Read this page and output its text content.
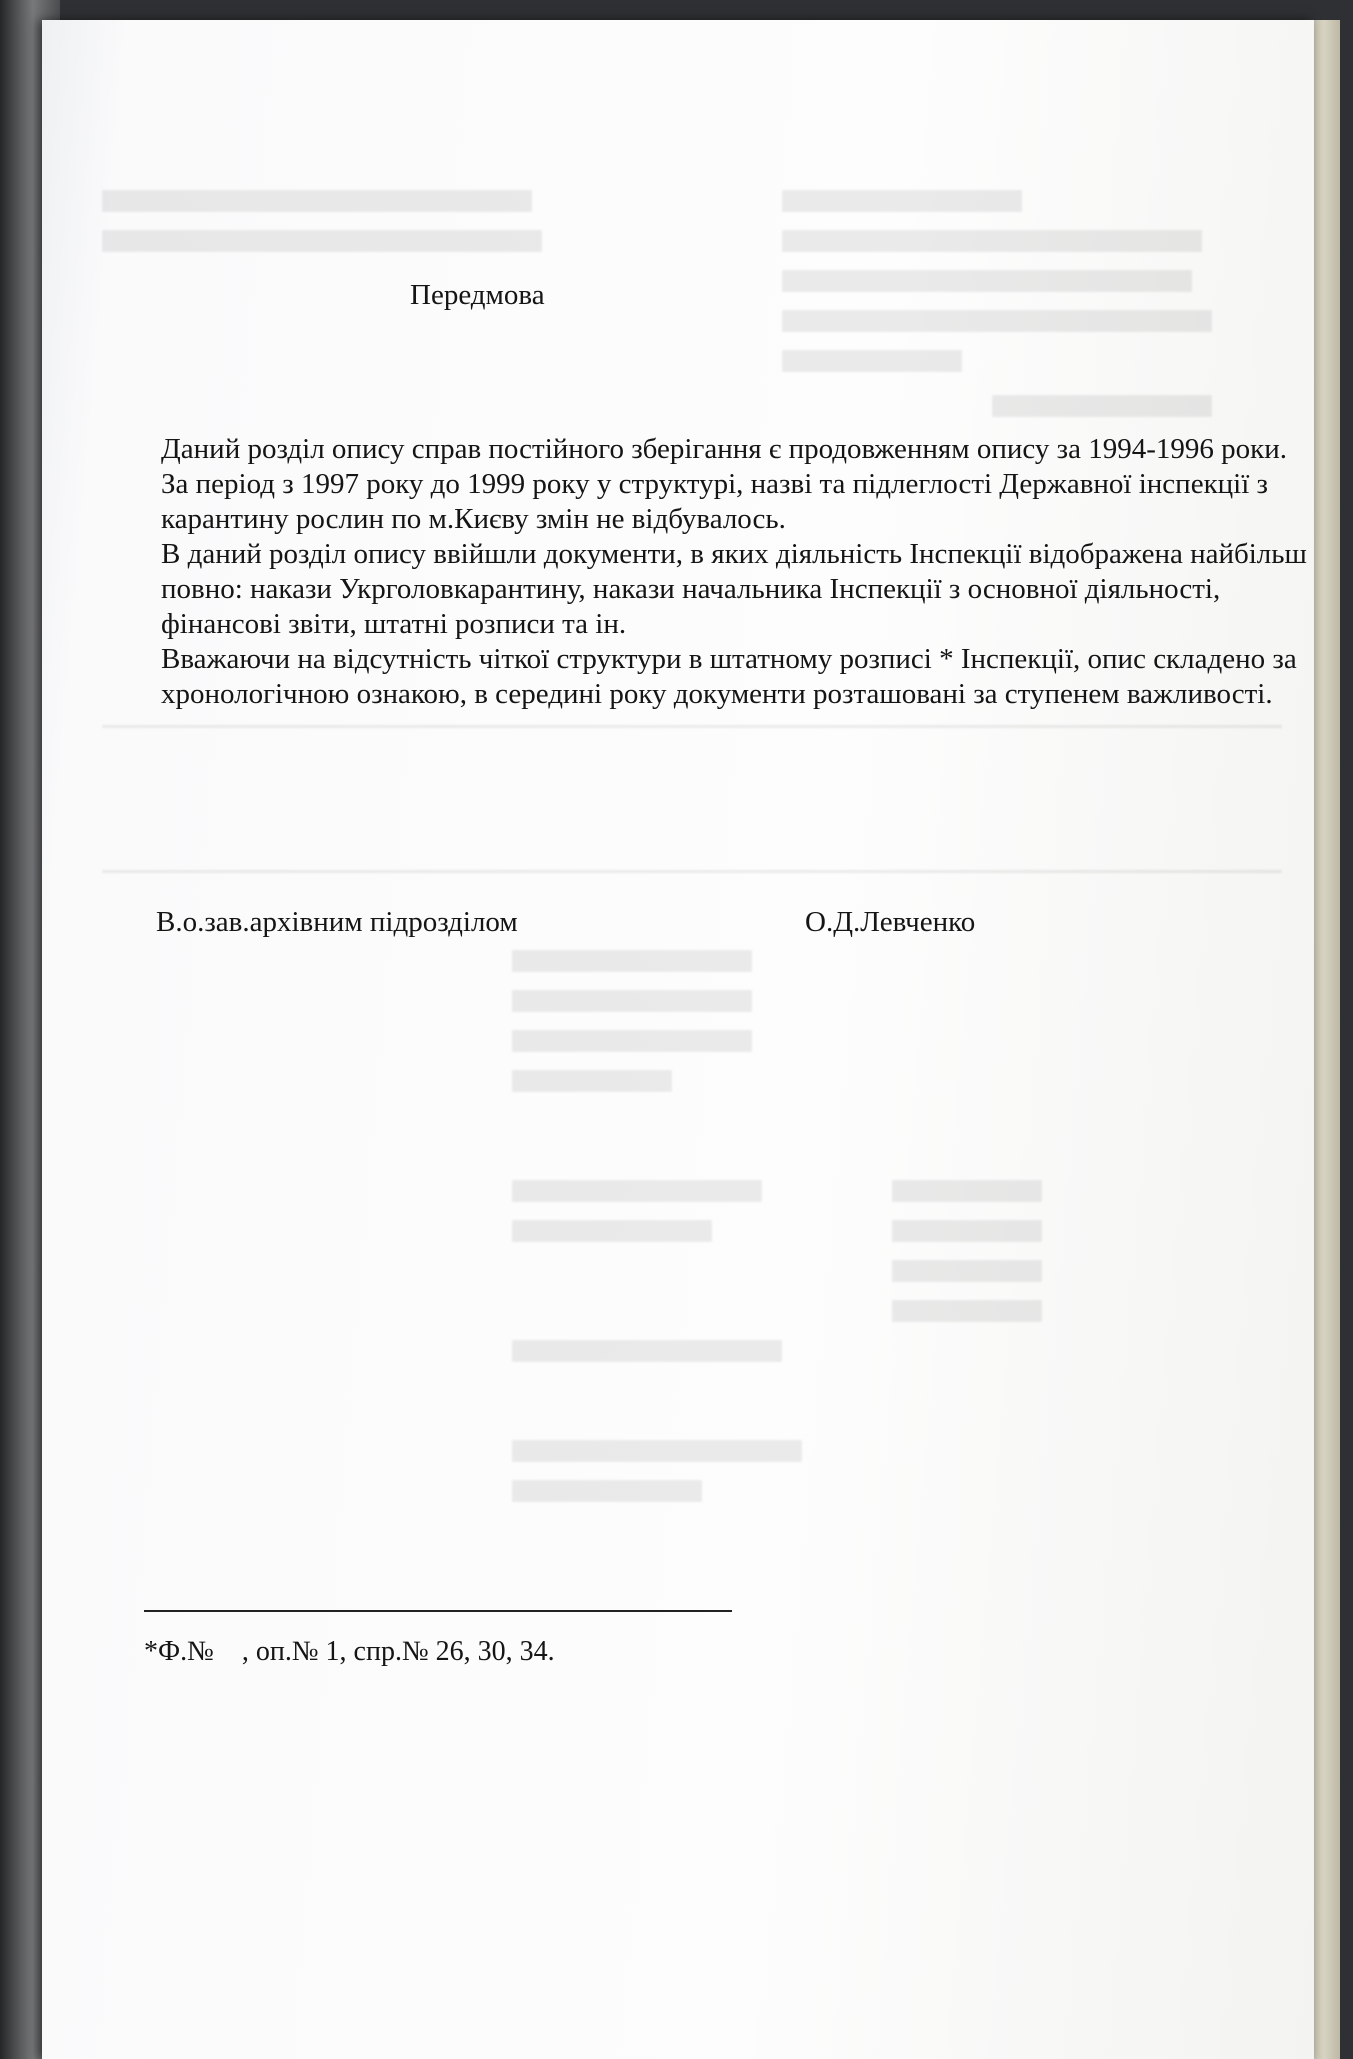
Передмова

Даний розділ опису справ постійного зберігання є продовженням опису за 1994-1996 роки.

За період з 1997 року до 1999 року у структурі, назві та підлеглості Державної інспекції з карантину рослин по м.Києву змін не відбувалось.

В даний розділ опису ввійшли документи, в яких діяльність Інспекції відображена найбільш повно: накази Укрголовкарантину, накази начальника Інспекції з основної діяльності, фінансові звіти, штатні розписи та ін.

Вважаючи на відсутність чіткої структури в штатному розписі * Інспекції, опис складено за хронологічною ознакою, в середині року документи розташовані за ступенем важливості.

В.о.зав.архівним підрозділом	О.Д.Левченко
*Ф.№ , оп.№ 1, спр.№ 26, 30, 34.
